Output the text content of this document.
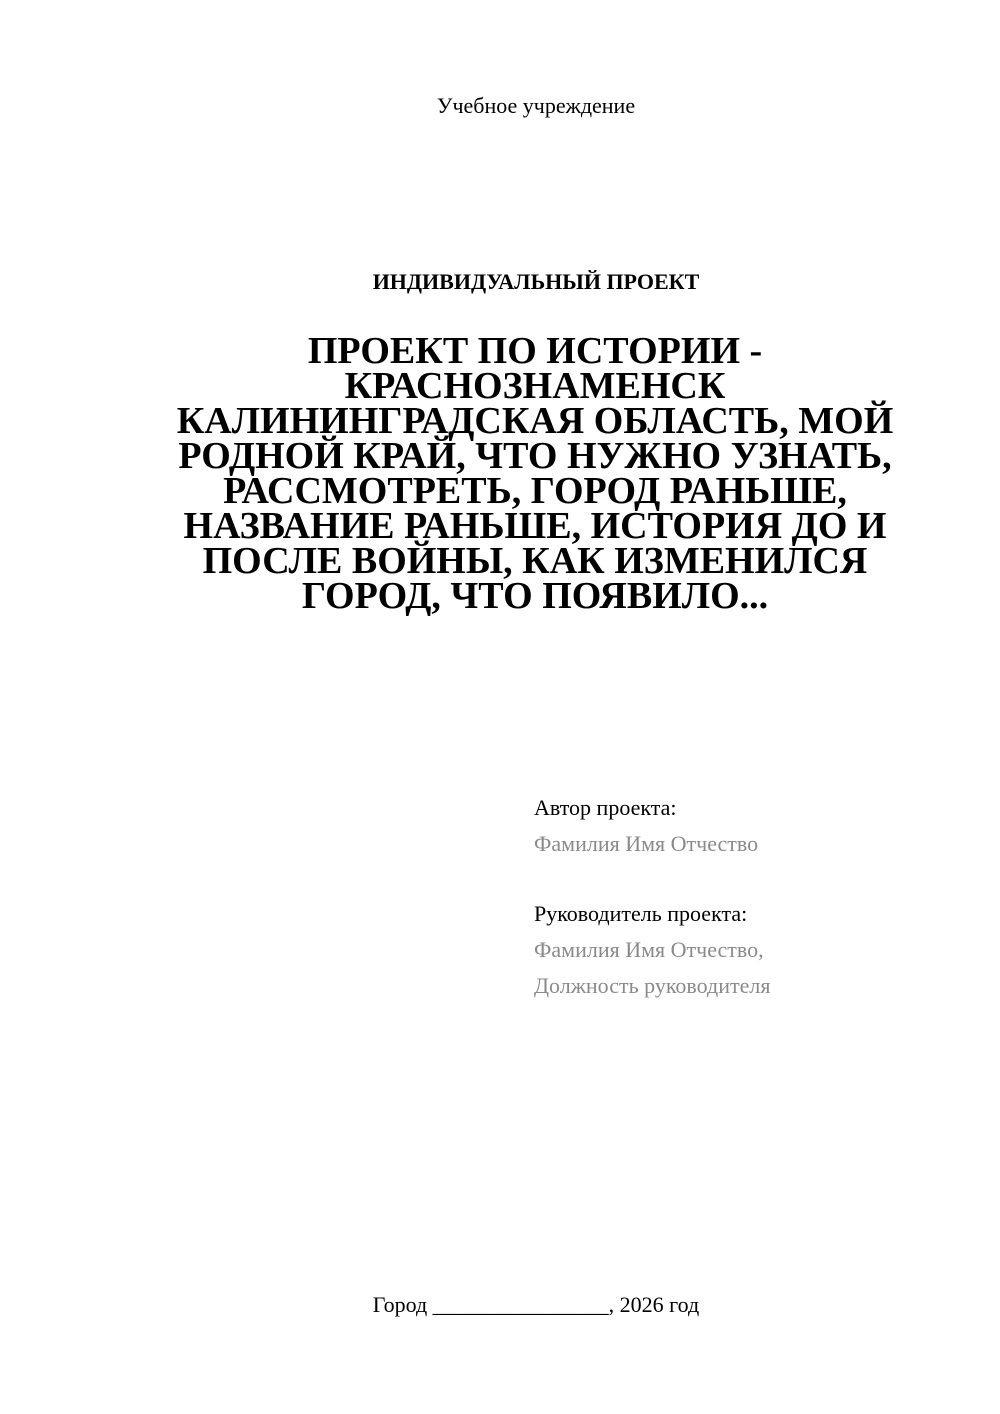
Учебное учреждение
ИНДИВИДУАЛЬНЫЙ ПРОЕКТ
ПРОЕКТ ПО ИСТОРИИ - КРАСНОЗНАМЕНСК КАЛИНИНГРАДСКАЯ ОБЛАСТЬ, МОЙ РОДНОЙ КРАЙ, ЧТО НУЖНО УЗНАТЬ, РАССМОТРЕТЬ, ГОРОД РАНЬШЕ, НАЗВАНИЕ РАНЬШЕ, ИСТОРИЯ ДО И ПОСЛЕ ВОЙНЫ, КАК ИЗМЕНИЛСЯ ГОРОД, ЧТО ПОЯВИЛО...
Автор проекта:
Фамилия Имя Отчество
Руководитель проекта:
Фамилия Имя Отчество,
Должность руководителя
Город ________________, 2026 год
